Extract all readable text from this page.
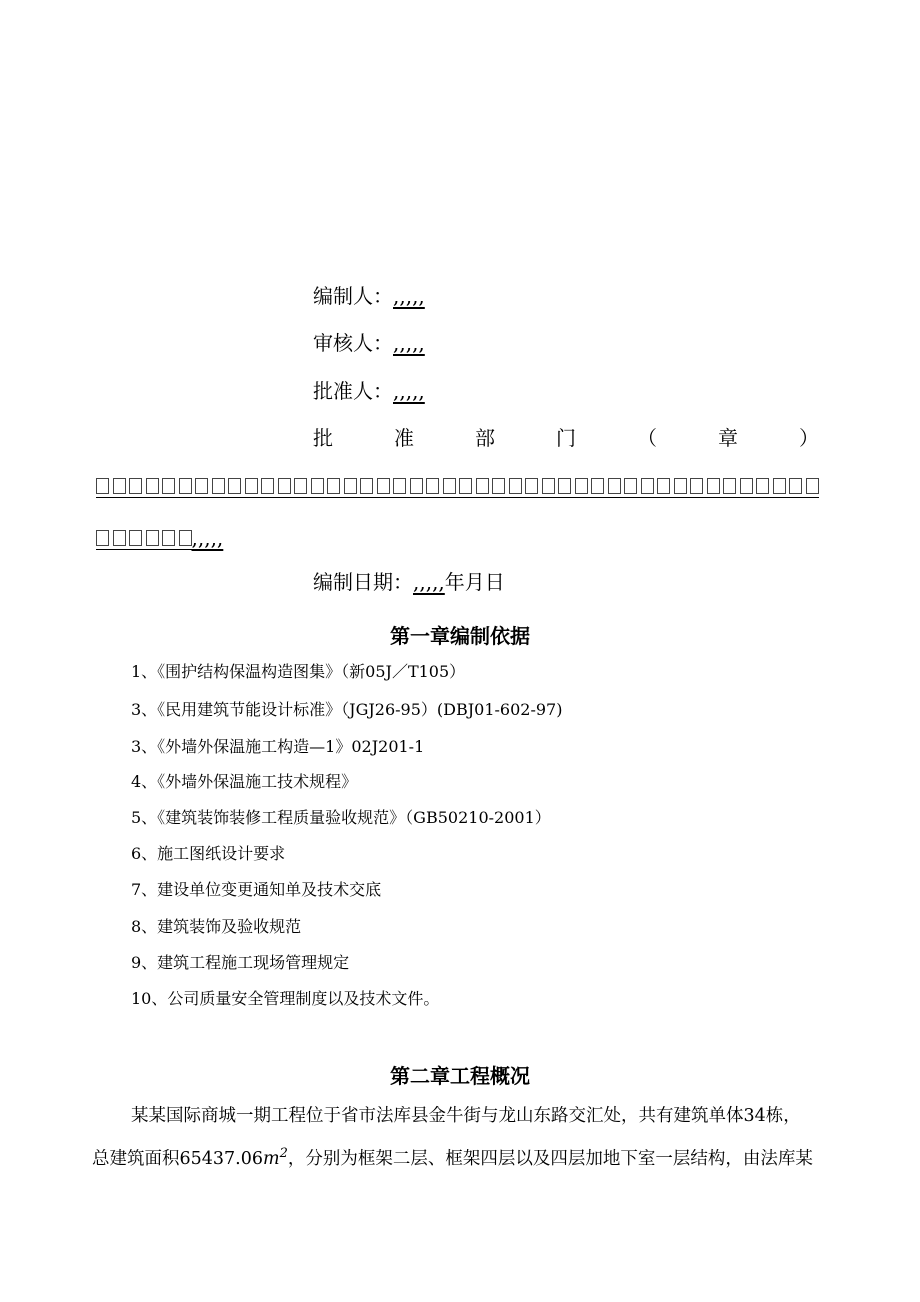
编制人：,,,,,
审核人：,,,,,
批准人：,,,,,
批	准	部	门	（	章	）
,,,,,
编制日期：,,,,,年月日
第一章编制依据
1、《围护结构保温构造图集》（新05J／T105）
3、《民用建筑节能设计标准》（JGJ26-95）(DBJ01-602-97)
3、《外墙外保温施工构造—1》02J201-1
4、《外墙外保温施工技术规程》
5、《建筑装饰装修工程质量验收规范》（GB50210-2001）
6、施工图纸设计要求
7、建设单位变更通知单及技术交底
8、建筑装饰及验收规范
9、建筑工程施工现场管理规定
10、公司质量安全管理制度以及技术文件。
第二章工程概况
某某国际商城一期工程位于省市法库县金牛街与龙山东路交汇处，共有建筑单体34栋，
总建筑面积$65437.06m^2$，分别为框架二层、框架四层以及四层加地下室一层结构，由法库某
